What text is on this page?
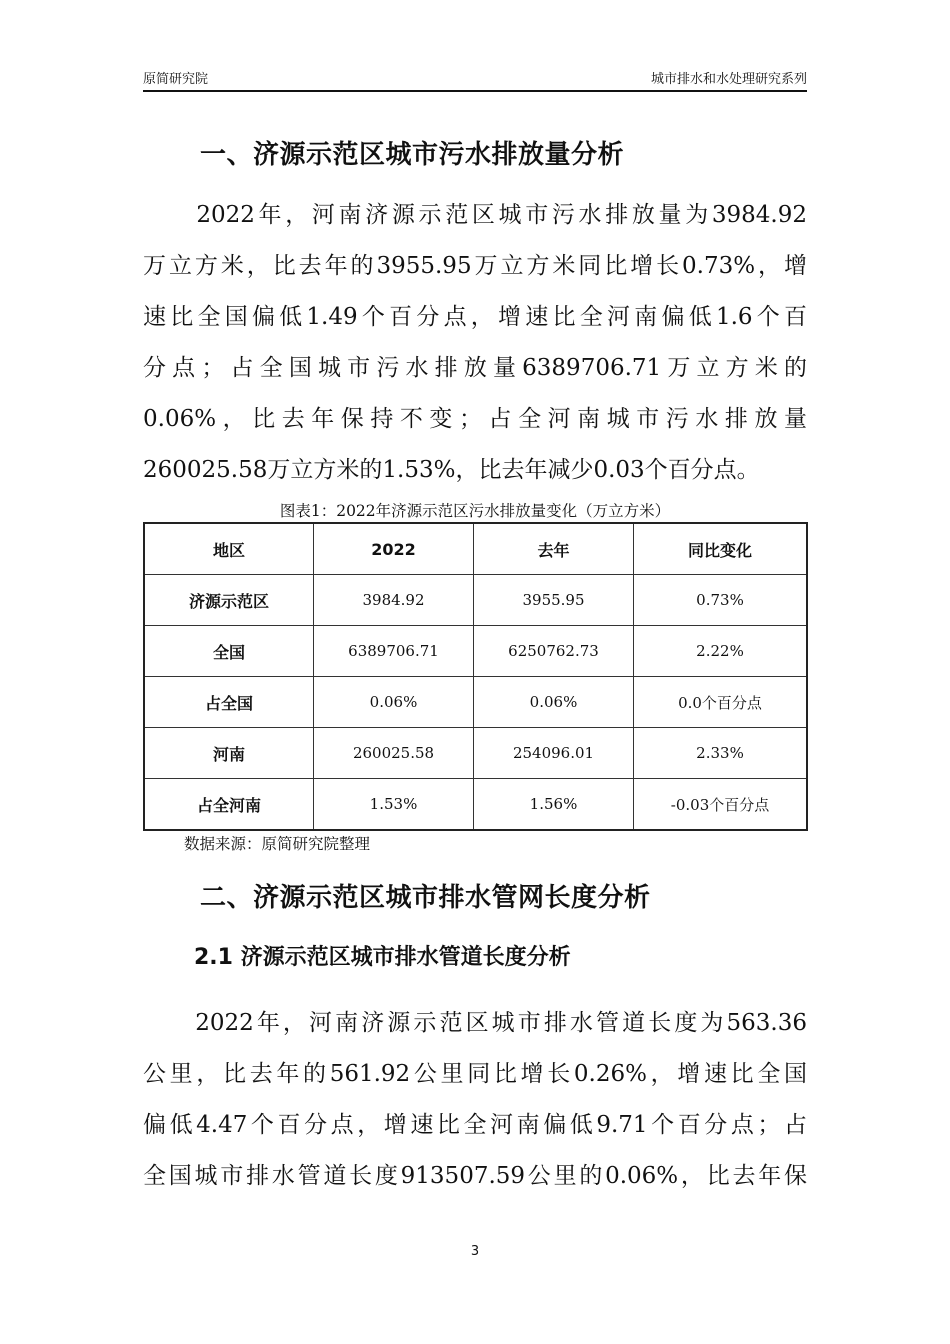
原简研究院	城市排水和水处理研究系列
一、济源示范区城市污水排放量分析
　　2022年，河南济源示范区城市污水排放量为3984.92
万立方米，比去年的3955.95万立方米同比增长0.73%，增
速比全国偏低1.49个百分点，增速比全河南偏低1.6个百
分点；占全国城市污水排放量6389706.71万立方米的
0.06%，比去年保持不变；占全河南城市污水排放量
260025.58万立方米的1.53%，比去年减少0.03个百分点。
图表1：2022年济源示范区污水排放量变化（万立方米）
地区	2022	去年	同比变化
济源示范区	3984.92	3955.95	0.73%
全国	6389706.71	6250762.73	2.22%
占全国	0.06%	0.06%	0.0个百分点
河南	260025.58	254096.01	2.33%
占全河南	1.53%	1.56%	-0.03个百分点
数据来源：原简研究院整理
二、济源示范区城市排水管网长度分析
2.1 济源示范区城市排水管道长度分析
　　2022年，河南济源示范区城市排水管道长度为563.36
公里，比去年的561.92公里同比增长0.26%，增速比全国
偏低4.47个百分点，增速比全河南偏低9.71个百分点；占
全国城市排水管道长度913507.59公里的0.06%，比去年保
3
